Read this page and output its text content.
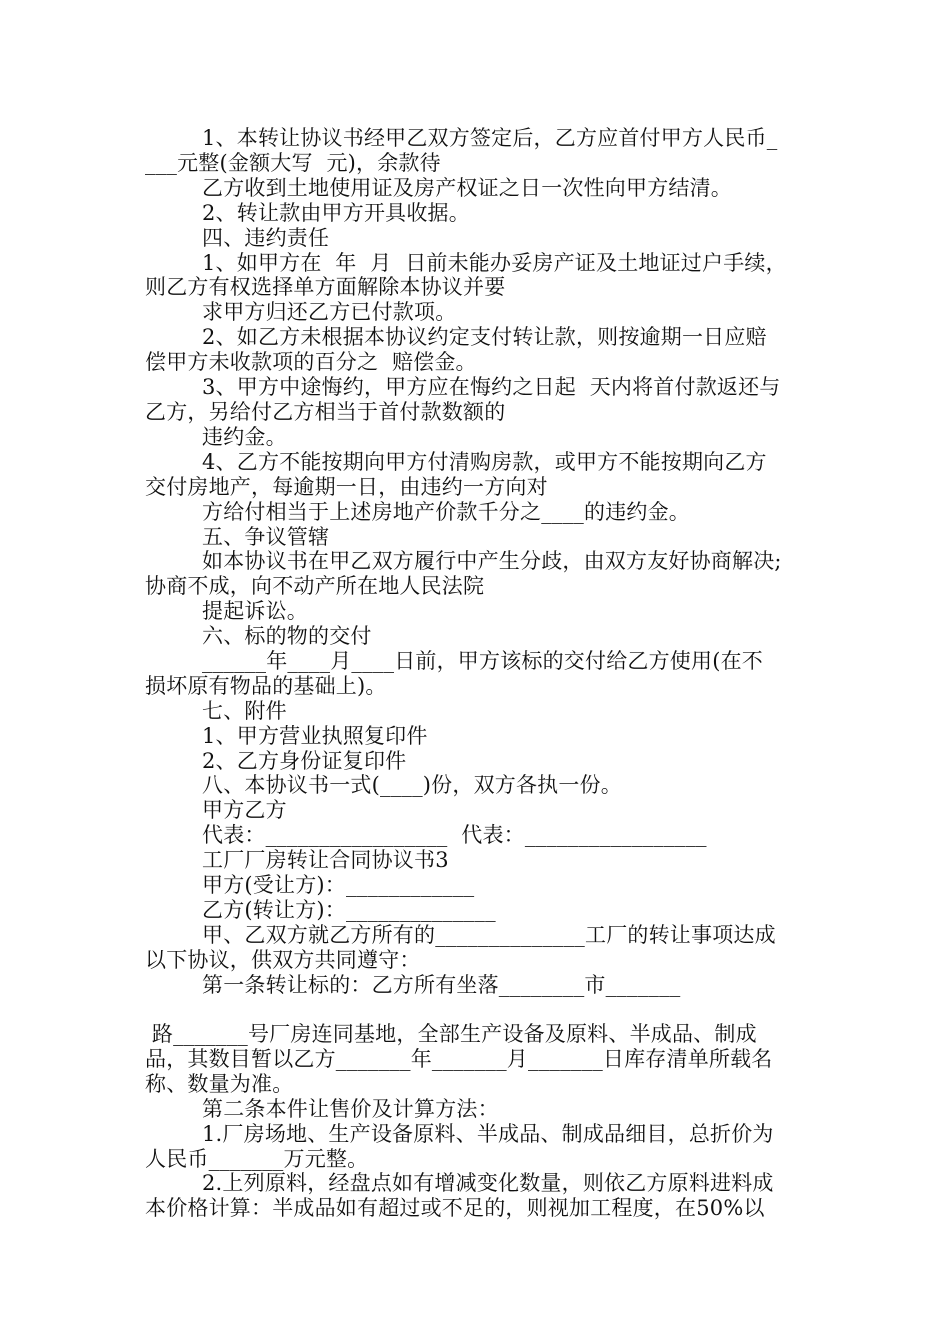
1、本转让协议书经甲乙双方签定后，乙方应首付甲方人民币_
___元整(金额大写  元)，余款待
乙方收到土地使用证及房产权证之日一次性向甲方结清。
2、转让款由甲方开具收据。
四、违约责任
1、如甲方在  年  月  日前未能办妥房产证及土地证过户手续，
则乙方有权选择单方面解除本协议并要
求甲方归还乙方已付款项。
2、如乙方未根据本协议约定支付转让款，则按逾期一日应赔
偿甲方未收款项的百分之  赔偿金。
3、甲方中途悔约，甲方应在悔约之日起  天内将首付款返还与
乙方，另给付乙方相当于首付款数额的
违约金。
4、乙方不能按期向甲方付清购房款，或甲方不能按期向乙方
交付房地产，每逾期一日，由违约一方向对
方给付相当于上述房地产价款千分之____的违约金。
五、争议管辖
如本协议书在甲乙双方履行中产生分歧，由双方友好协商解决;
协商不成，向不动产所在地人民法院
提起诉讼。
六、标的物的交付
______年____月____日前，甲方该标的交付给乙方使用(在不
损坏原有物品的基础上)。
七、附件
1、甲方营业执照复印件
2、乙方身份证复印件
八、本协议书一式(____)份，双方各执一份。
甲方乙方
代表：_________________  代表：_________________
工厂厂房转让合同协议书3
甲方(受让方)：____________
乙方(转让方)：______________
甲、乙双方就乙方所有的______________工厂的转让事项达成
以下协议，供双方共同遵守：
第一条转让标的：乙方所有坐落________市_______
路_______号厂房连同基地，全部生产设备及原料、半成品、制成
品，其数目暂以乙方_______年_______月_______日库存清单所载名
称、数量为准。
第二条本件让售价及计算方法：
1.厂房场地、生产设备原料、半成品、制成品细目，总折价为
人民币_______万元整。
2.上列原料，经盘点如有增减变化数量，则依乙方原料进料成
本价格计算：半成品如有超过或不足的，则视加工程度，在50%以
